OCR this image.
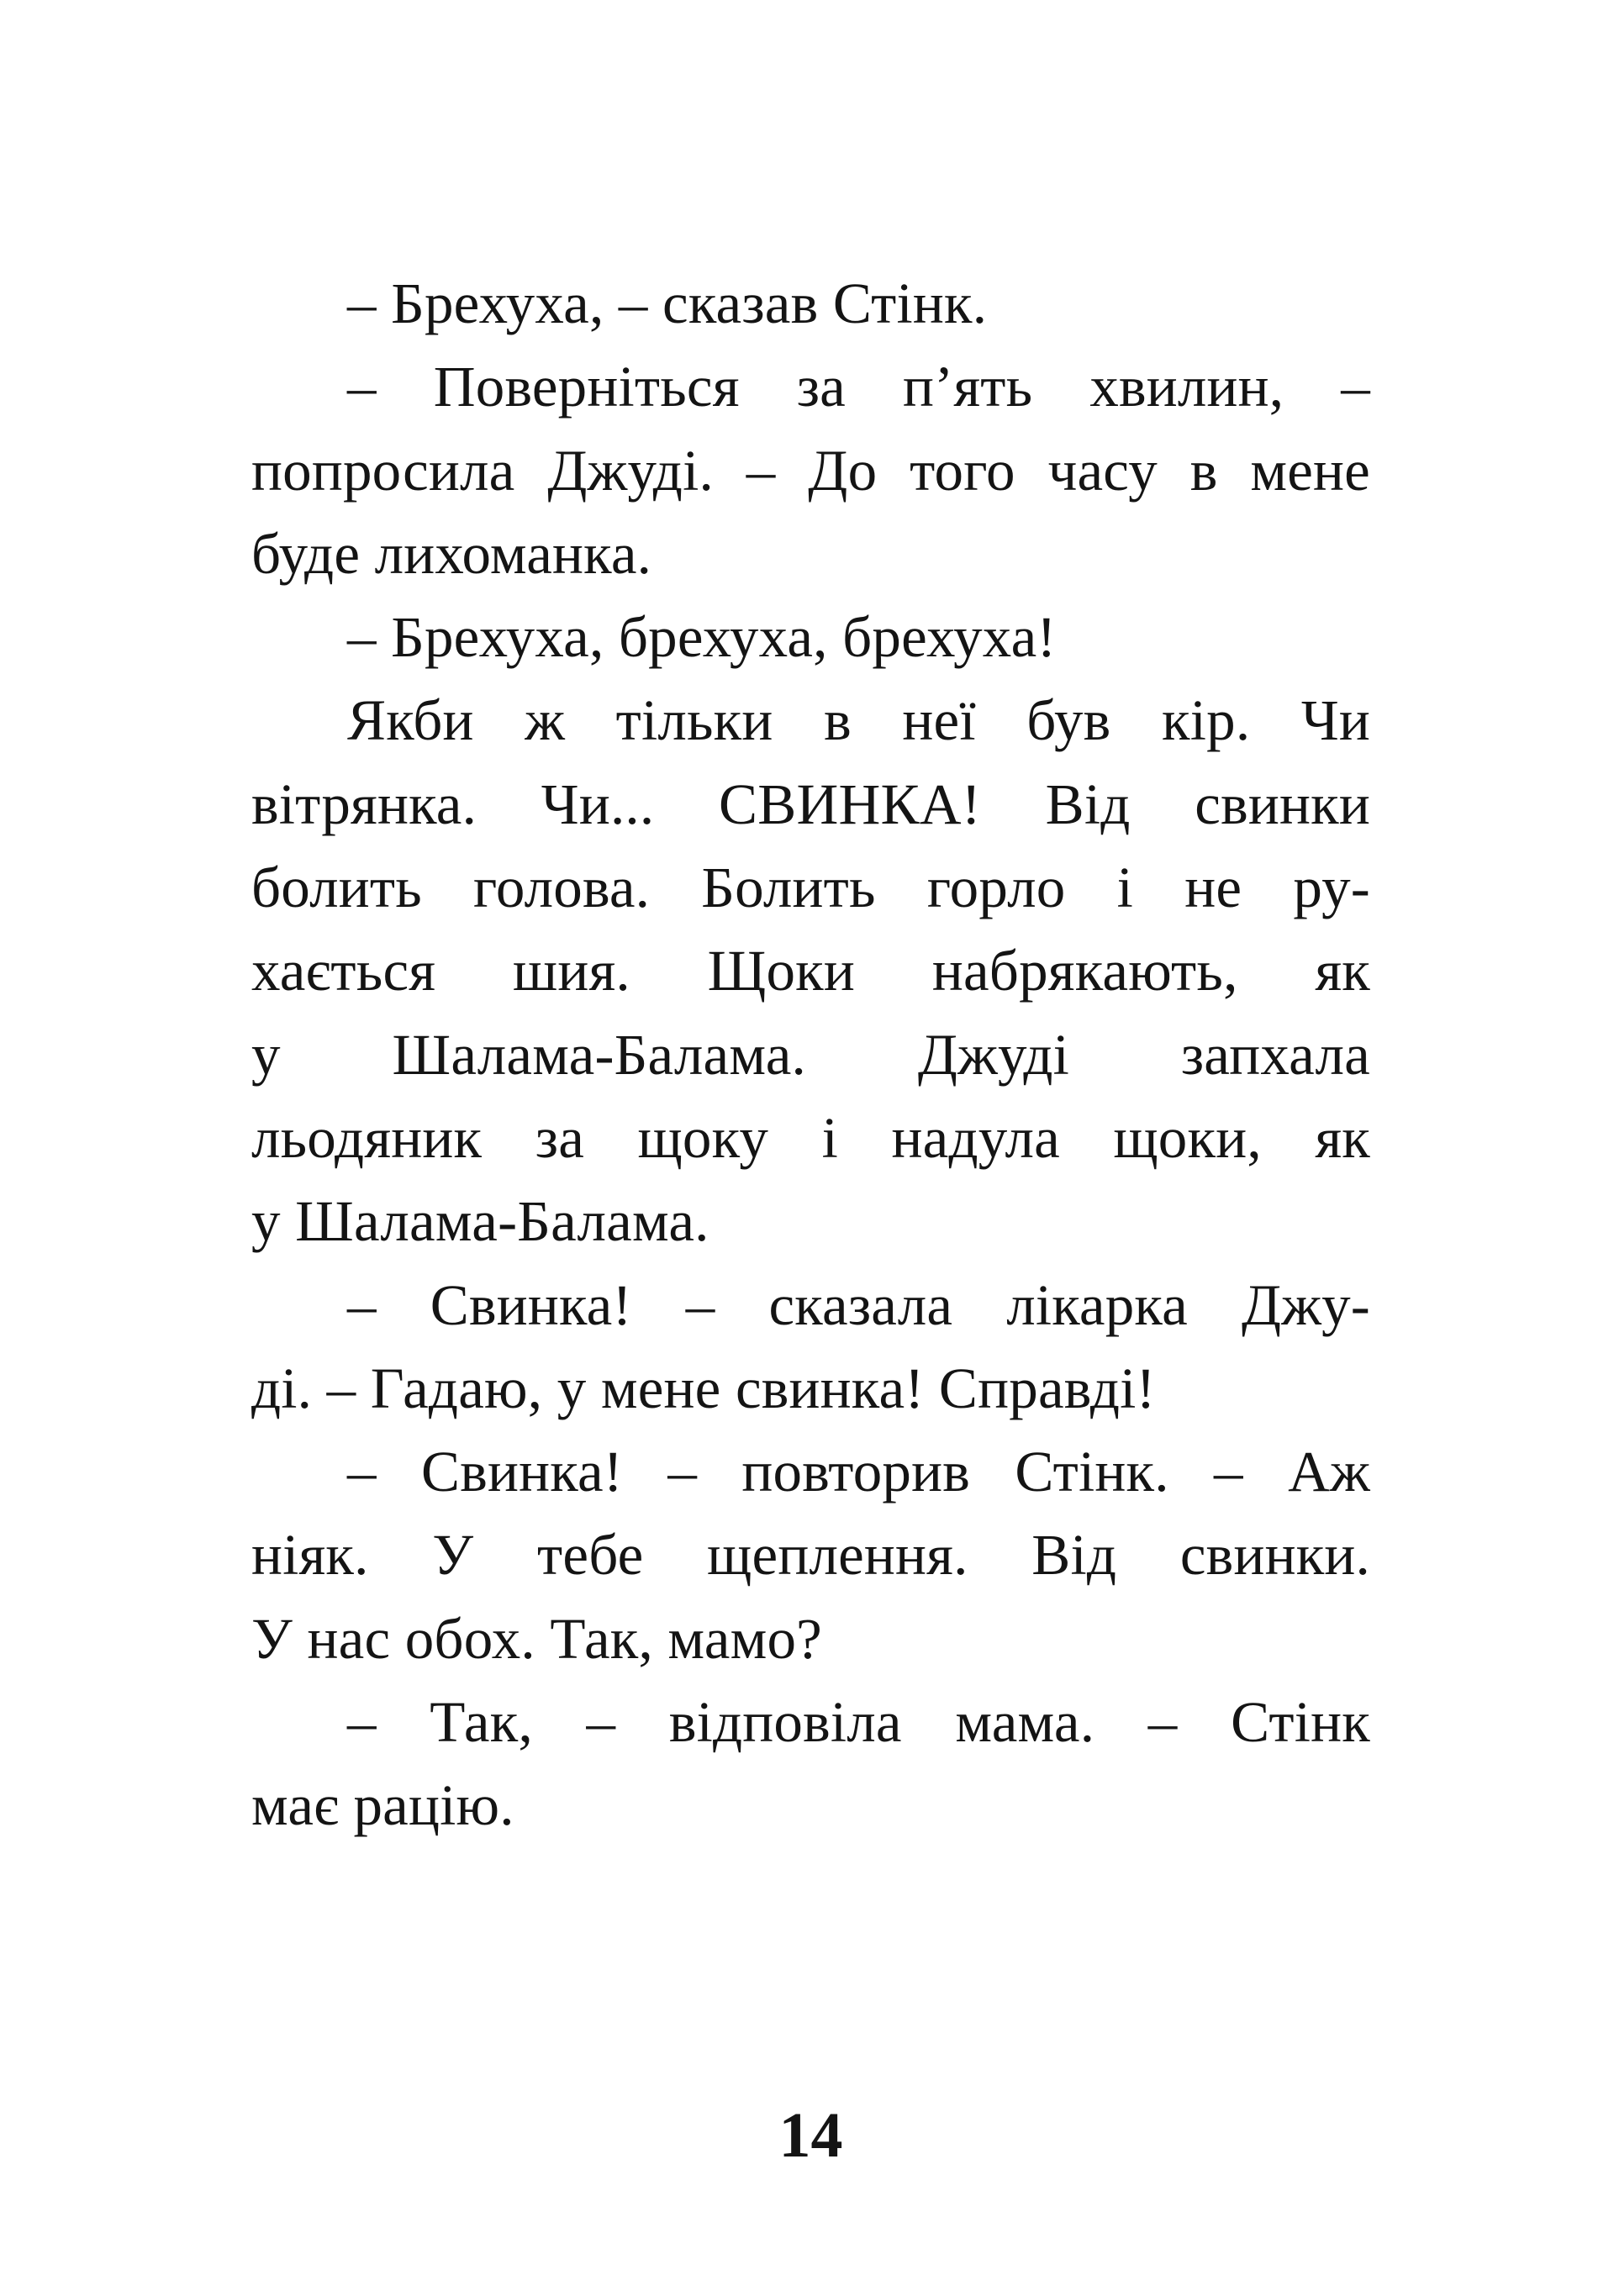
– Брехуха, – сказав Стінк.
– Поверніться за п’ять хвилин, –
попросила Джуді. – До того часу в мене
буде лихоманка.
– Брехуха, брехуха, брехуха!
Якби ж тільки в неї був кір. Чи
вітрянка. Чи... СВИНКА! Від свинки
болить голова. Болить горло і не ру-
хається шия. Щоки набрякають, як
у Шалама-Балама. Джуді запхала
льодяник за щоку і надула щоки, як
у Шалама-Балама.
– Свинка! – сказала лікарка Джу-
ді. – Гадаю, у мене свинка! Справді!
– Свинка! – повторив Стінк. – Аж
ніяк. У тебе щеплення. Від свинки.
У нас обох. Так, мамо?
– Так, – відповіла мама. – Стінк
має рацію.
14
